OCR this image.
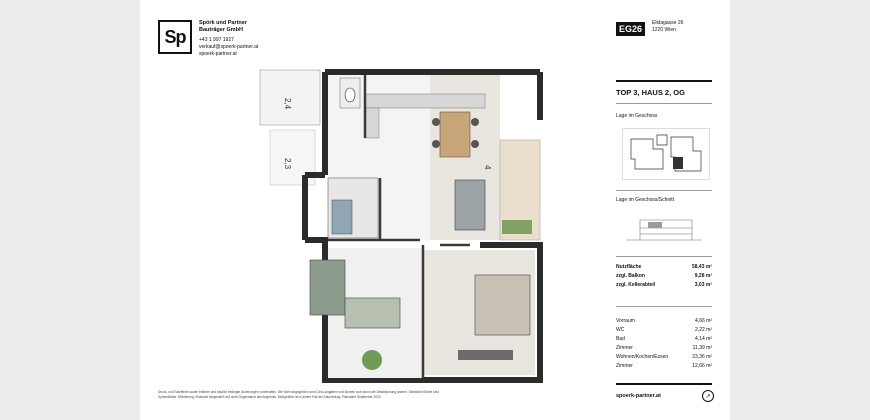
Sp
Spörk und Partner
Bauträger GmbH
+43 1 997 1927
verkauf@spoerk-partner.at
spoerk-partner.at
2,4
2,3	4
Druck- und Satzfehler sowie Irrtümer und baulich bedingte Änderungen vorbehalten. Die Wohnungsgrößen sind Circa-Angaben und können sich durch die Detailplanung ändern. Sämtliche Möbel sind Symbolbilder. Möblierung, Illustrativ dargestellt und nicht Gegenstand des Angebots. Maßgeblich ist in jedem Fall der Kaufvertrag. Planstand September 2023.
EG26
Elidagasse 26
1220 Wien
TOP 3, HAUS 2, OG
Lage im Geschoss
Lage im Geschoss/Schnitt
Nutzfläche	58,43 m²
zzgl. Balkon	9,28 m²
zzgl. Kellerabteil	3,03 m²
Vorraum	4,66 m²
WC	2,22 m²
Bad	4,14 m²
Zimmer	11,39 m²
Wohnen/Kochen/Essen	23,36 m²
Zimmer	12,66 m²
spoerk-partner.at	↗
